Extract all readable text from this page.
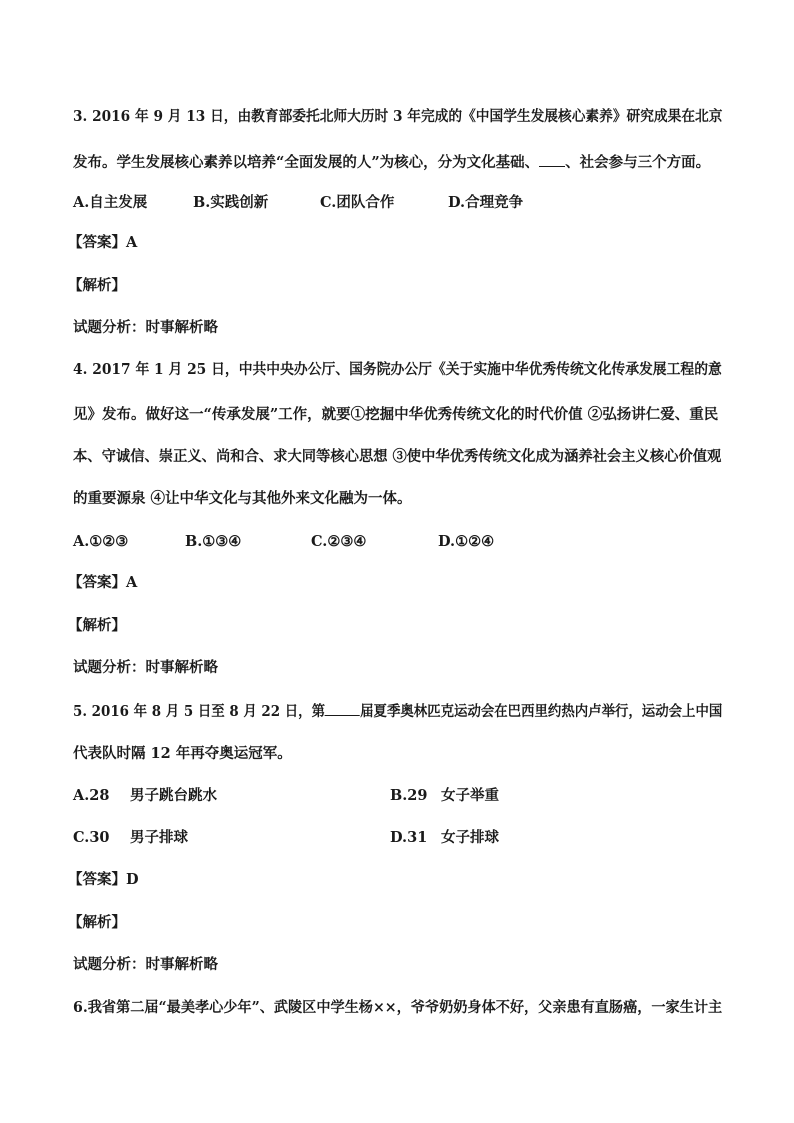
3. 2016 年 9 月 13 日，由教育部委托北师大历时 3 年完成的《中国学生发展核心素养》研究成果在北京
发布。学生发展核心素养以培养“全面发展的人”为核心，分为文化基础、 、社会参与三个方面。
A.自主发展	B.实践创新	C.团队合作	D.合理竞争
【答案】A
【解析】
试题分析：时事解析略
4. 2017 年 1 月 25 日，中共中央办公厅、国务院办公厅《关于实施中华优秀传统文化传承发展工程的意
见》发布。做好这一“传承发展”工作，就要①挖掘中华优秀传统文化的时代价值 ②弘扬讲仁爱、重民
本、守诚信、崇正义、尚和合、求大同等核心思想 ③使中华优秀传统文化成为涵养社会主义核心价值观
的重要源泉 ④让中华文化与其他外来文化融为一体。
A.①②③	B.①③④	C.②③④	D.①②④
【答案】A
【解析】
试题分析：时事解析略
5. 2016 年 8 月 5 日至 8 月 22 日，第 届夏季奥林匹克运动会在巴西里约热内卢举行，运动会上中国
代表队时隔 12 年再夺奥运冠军。
A.28 男子跳台跳水	B.29 女子举重
C.30 男子排球	D.31 女子排球
【答案】D
【解析】
试题分析：时事解析略
6.我省第二届“最美孝心少年”、武陵区中学生杨××，爷爷奶奶身体不好，父亲患有直肠癌，一家生计主
